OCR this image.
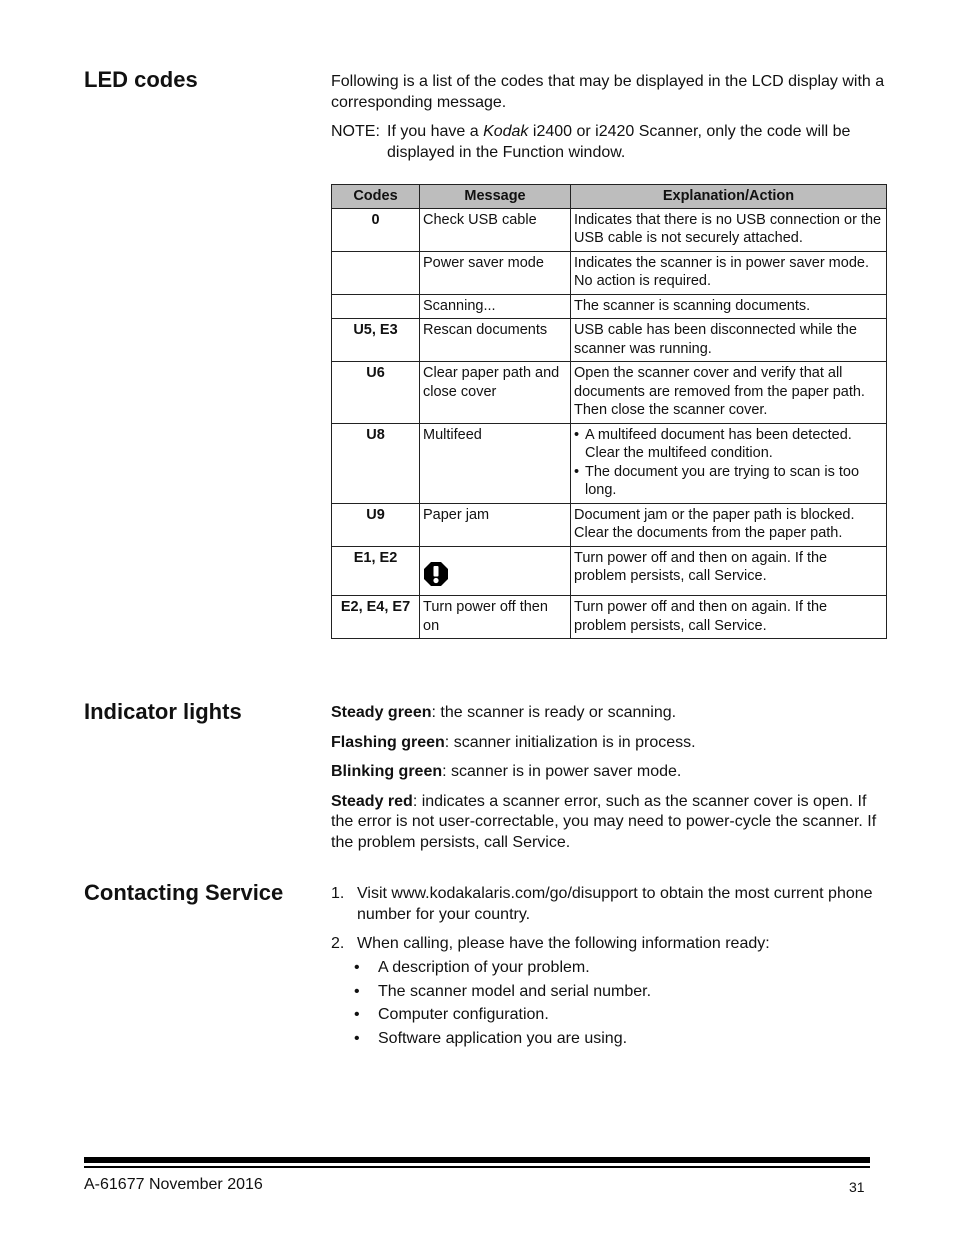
LED codes	Following is a list of the codes that may be displayed in the LCD display with a corresponding message.

NOTE: If you have a Kodak i2400 or i2420 Scanner, only the code will be displayed in the Function window.
Codes	Message	Explanation/Action
0	Check USB cable	Indicates that there is no USB connection or the USB cable is not securely attached.
	Power saver mode	Indicates the scanner is in power saver mode. No action is required.
	Scanning...	The scanner is scanning documents.
U5, E3	Rescan documents	USB cable has been disconnected while the scanner was running.
U6	Clear paper path and close cover	Open the scanner cover and verify that all documents are removed from the paper path. Then close the scanner cover.
U8	Multifeed	• A multifeed document has been detected. Clear the multifeed condition.
• The document you are trying to scan is too long.

U9	Paper jam	Document jam or the paper path is blocked. Clear the documents from the paper path.
E1, E2		Turn power off and then on again. If the problem persists, call Service.
E2, E4, E7	Turn power off then on	Turn power off and then on again. If the problem persists, call Service.
Indicator lights	Steady green: the scanner is ready or scanning.

Flashing green: scanner initialization is in process.

Blinking green: scanner is in power saver mode.

Steady red: indicates a scanner error, such as the scanner cover is open. If the error is not user-correctable, you may need to power-cycle the scanner. If the problem persists, call Service.

Contacting Service	1. Visit www.kodakalaris.com/go/disupport to obtain the most current phone number for your country.
2. When calling, please have the following information ready:
• A description of your problem.
• The scanner model and serial number.
• Computer configuration.
• Software application you are using.
A-61677 November 2016	31
